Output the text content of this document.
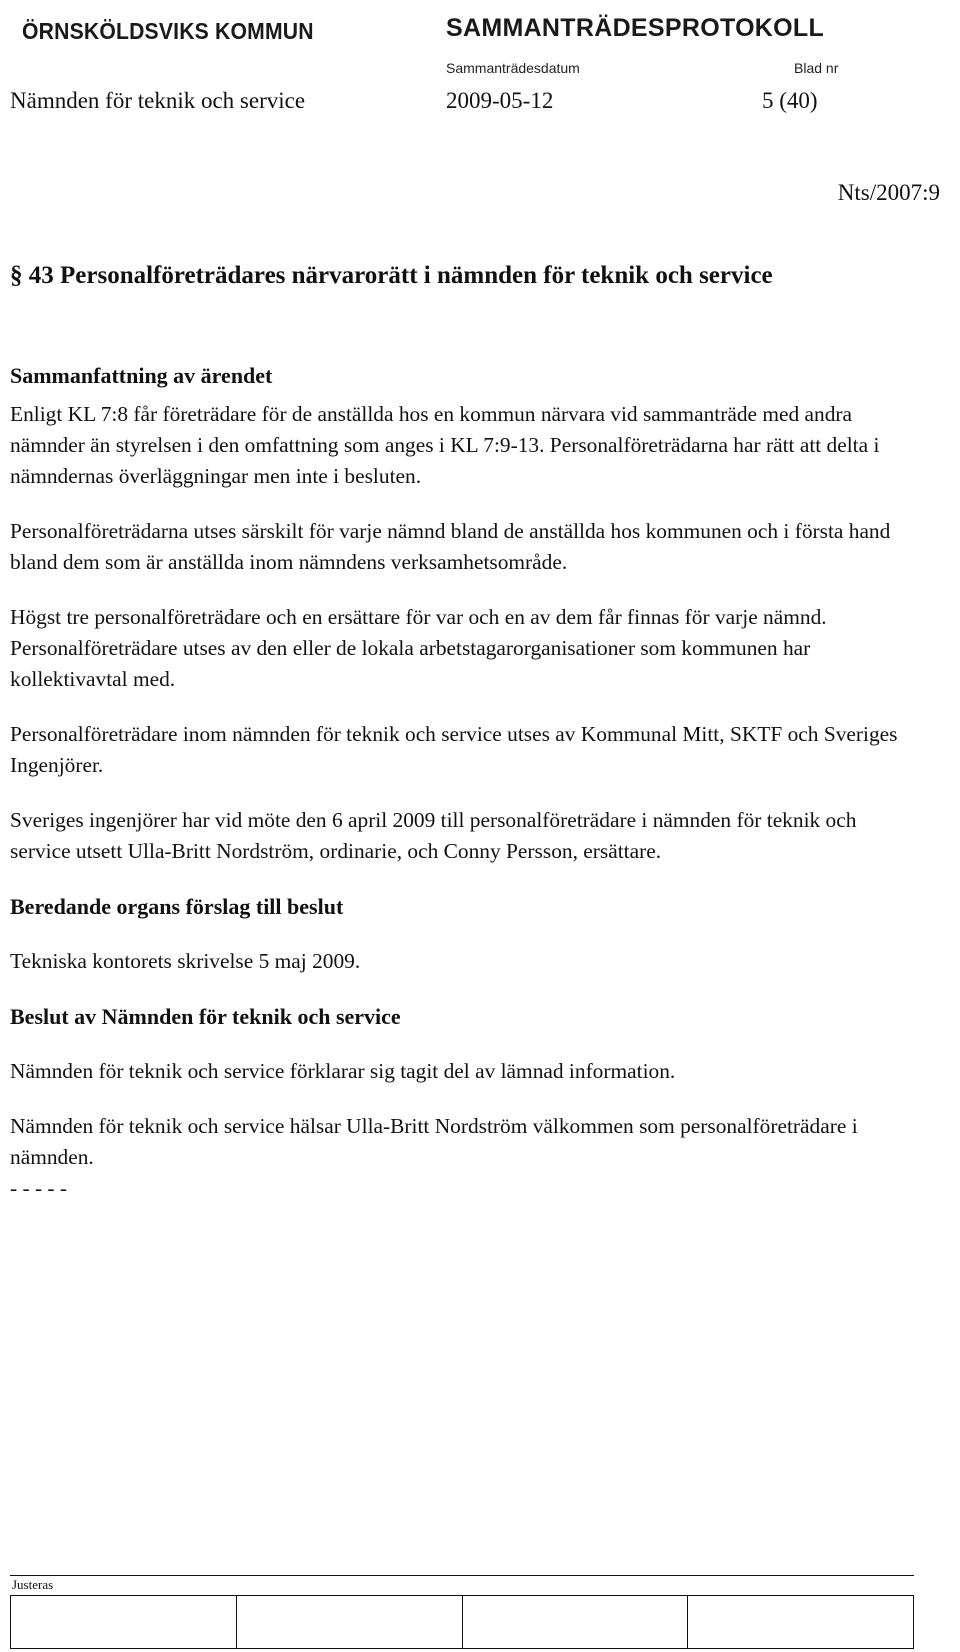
ÖRNSKÖLDSVIKS KOMMUN	SAMMANTRÄDESPROTOKOLL
Sammanträdesdatum	Blad nr
Nämnden för teknik och service	2009-05-12	5 (40)
Nts/2007:9
§ 43 Personalföreträdares närvarorätt i nämnden för teknik och service
Sammanfattning av ärendet

Enligt KL 7:8 får företrädare för de anställda hos en kommun närvara vid sammanträde med andra nämnder än styrelsen i den omfattning som anges i KL 7:9-13. Personalföreträdarna har rätt att delta i nämndernas överläggningar men inte i besluten.

Personalföreträdarna utses särskilt för varje nämnd bland de anställda hos kommunen och i första hand bland dem som är anställda inom nämndens verksamhetsområde.

Högst tre personalföreträdare och en ersättare för var och en av dem får finnas för varje nämnd. Personalföreträdare utses av den eller de lokala arbetstagarorganisationer som kommunen har kollektivavtal med.

Personalföreträdare inom nämnden för teknik och service utses av Kommunal Mitt, SKTF och Sveriges Ingenjörer.

Sveriges ingenjörer har vid möte den 6 april 2009 till personalföreträdare i nämnden för teknik och service utsett Ulla-Britt Nordström, ordinarie, och Conny Persson, ersättare.

Beredande organs förslag till beslut

Tekniska kontorets skrivelse 5 maj 2009.

Beslut av Nämnden för teknik och service

Nämnden för teknik och service förklarar sig tagit del av lämnad information.

Nämnden för teknik och service hälsar Ulla-Britt Nordström välkommen som personalföreträdare i nämnden.

- - - - -

Justeras
